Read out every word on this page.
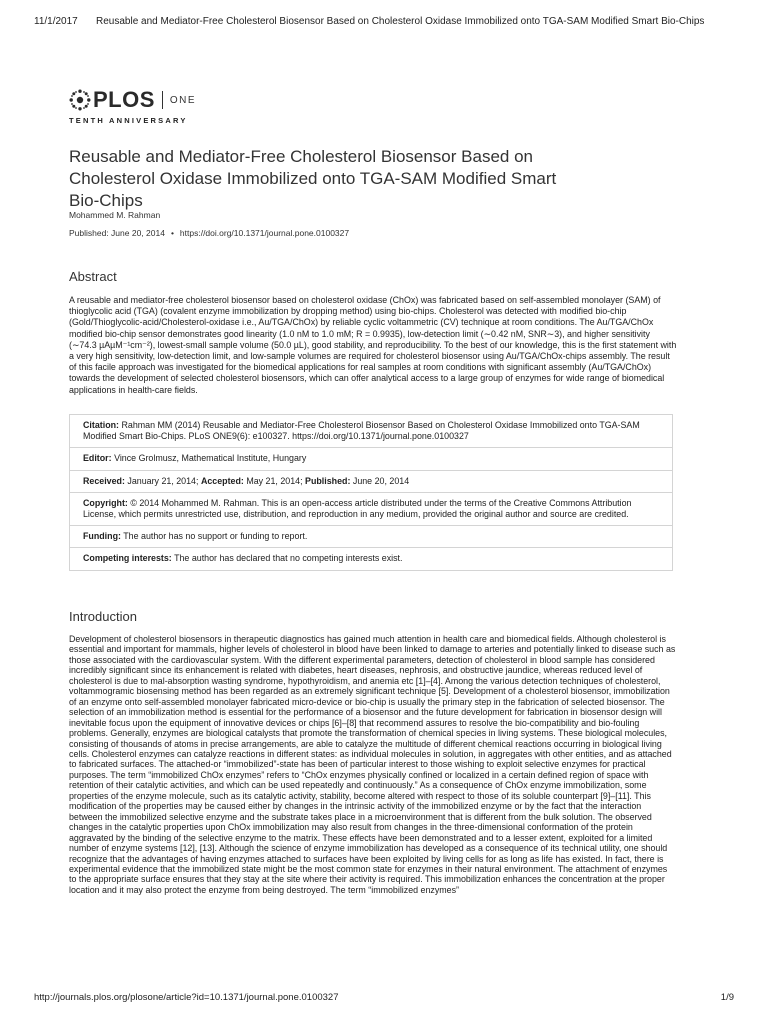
11/1/2017 Reusable and Mediator-Free Cholesterol Biosensor Based on Cholesterol Oxidase Immobilized onto TGA-SAM Modified Smart Bio-Chips
PLOS ONE
TENTH ANNIVERSARY
Reusable and Mediator-Free Cholesterol Biosensor Based on Cholesterol Oxidase Immobilized onto TGA-SAM Modified Smart Bio-Chips
Mohammed M. Rahman
Published: June 20, 2014 • https://doi.org/10.1371/journal.pone.0100327
Abstract

A reusable and mediator-free cholesterol biosensor based on cholesterol oxidase (ChOx) was fabricated based on self-assembled monolayer (SAM) of thioglycolic acid (TGA) (covalent enzyme immobilization by dropping method) using bio-chips. Cholesterol was detected with modified bio-chip (Gold/Thioglycolic-acid/Cholesterol-oxidase i.e., Au/TGA/ChOx) by reliable cyclic voltammetric (CV) technique at room conditions. The Au/TGA/ChOx modified bio-chip sensor demonstrates good linearity (1.0 nM to 1.0 mM; R = 0.9935), low-detection limit (∼0.42 nM, SNR∼3), and higher sensitivity (∼74.3 µAµM⁻¹cm⁻²), lowest-small sample volume (50.0 µL), good stability, and reproducibility. To the best of our knowledge, this is the first statement with a very high sensitivity, low-detection limit, and low-sample volumes are required for cholesterol biosensor using Au/TGA/ChOx-chips assembly. The result of this facile approach was investigated for the biomedical applications for real samples at room conditions with significant assembly (Au/TGA/ChOx) towards the development of selected cholesterol biosensors, which can offer analytical access to a large group of enzymes for wide range of biomedical applications in health-care fields.

Citation: Rahman MM (2014) Reusable and Mediator-Free Cholesterol Biosensor Based on Cholesterol Oxidase Immobilized onto TGA-SAM Modified Smart Bio-Chips. PLoS ONE9(6): e100327. https://doi.org/10.1371/journal.pone.0100327
Editor: Vince Grolmusz, Mathematical Institute, Hungary
Received: January 21, 2014; Accepted: May 21, 2014; Published: June 20, 2014
Copyright: © 2014 Mohammed M. Rahman. This is an open-access article distributed under the terms of the Creative Commons Attribution License, which permits unrestricted use, distribution, and reproduction in any medium, provided the original author and source are credited.
Funding: The author has no support or funding to report.
Competing interests: The author has declared that no competing interests exist.
Introduction

Development of cholesterol biosensors in therapeutic diagnostics has gained much attention in health care and biomedical fields. Although cholesterol is essential and important for mammals, higher levels of cholesterol in blood have been linked to damage to arteries and potentially linked to disease such as those associated with the cardiovascular system. With the different experimental parameters, detection of cholesterol in blood sample has considered incredibly significant since its enhancement is related with diabetes, heart diseases, nephrosis, and obstructive jaundice, whereas reduced level of cholesterol is due to mal-absorption wasting syndrome, hypothyroidism, and anemia etc [1]–[4]. Among the various detection techniques of cholesterol, voltammogramic biosensing method has been regarded as an extremely significant technique [5]. Development of a cholesterol biosensor, immobilization of an enzyme onto self-assembled monolayer fabricated micro-device or bio-chip is usually the primary step in the fabrication of selected biosensor. The selection of an immobilization method is essential for the performance of a biosensor and the future development for fabrication in biosensor design will inevitable focus upon the equipment of innovative devices or chips [6]–[8] that recommend assures to resolve the bio-compatibility and bio-fouling problems. Generally, enzymes are biological catalysts that promote the transformation of chemical species in living systems. These biological molecules, consisting of thousands of atoms in precise arrangements, are able to catalyze the multitude of different chemical reactions occurring in biological living cells. Cholesterol enzymes can catalyze reactions in different states: as individual molecules in solution, in aggregates with other entities, and as attached to fabricated surfaces. The attached-or “immobilized”-state has been of particular interest to those wishing to exploit selective enzymes for practical purposes. The term “immobilized ChOx enzymes” refers to “ChOx enzymes physically confined or localized in a certain defined region of space with retention of their catalytic activities, and which can be used repeatedly and continuously.” As a consequence of ChOx enzyme immobilization, some properties of the enzyme molecule, such as its catalytic activity, stability, become altered with respect to those of its soluble counterpart [9]–[11]. This modification of the properties may be caused either by changes in the intrinsic activity of the immobilized enzyme or by the fact that the interaction between the immobilized selective enzyme and the substrate takes place in a microenvironment that is different from the bulk solution. The observed changes in the catalytic properties upon ChOx immobilization may also result from changes in the three-dimensional conformation of the protein aggravated by the binding of the selective enzyme to the matrix. These effects have been demonstrated and to a lesser extent, exploited for a limited number of enzyme systems [12], [13]. Although the science of enzyme immobilization has developed as a consequence of its technical utility, one should recognize that the advantages of having enzymes attached to surfaces have been exploited by living cells for as long as life has existed. In fact, there is experimental evidence that the immobilized state might be the most common state for enzymes in their natural environment. The attachment of enzymes to the appropriate surface ensures that they stay at the site where their activity is required. This immobilization enhances the concentration at the proper location and it may also protect the enzyme from being destroyed. The term “immobilized enzymes”

http://journals.plos.org/plosone/article?id=10.1371/journal.pone.0100327	1/9
